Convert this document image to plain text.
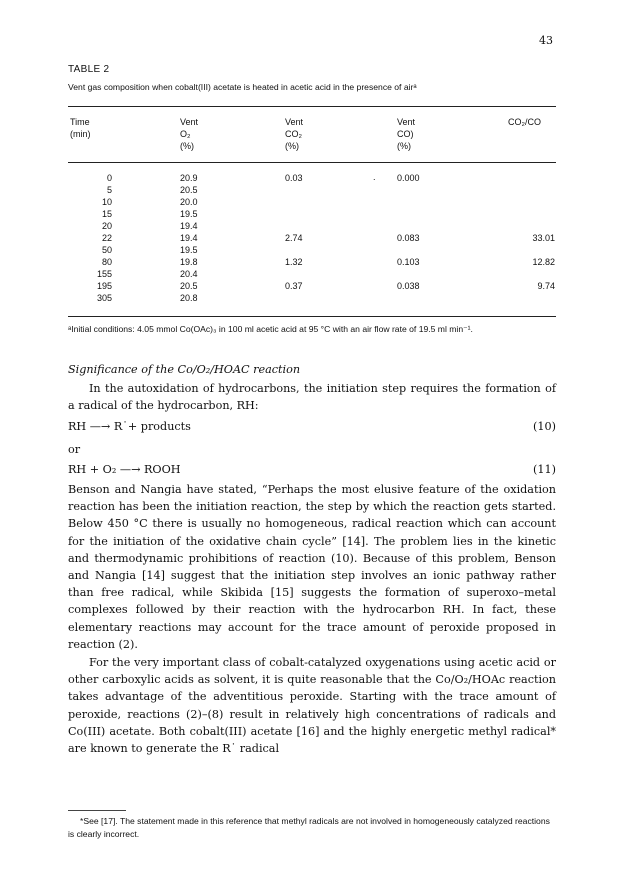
43
TABLE 2
Vent gas composition when cobalt(III) acetate is heated in acetic acid in the presence of airᵃ
Time
(min)
Vent
O₂
(%)
Vent
CO₂
(%)
Vent
CO)
(%)
CO₂/CO
0
5
10
15
20
22
50
80
155
195
305
20.9
20.5
20.0
19.5
19.4
19.4
19.5
19.8
20.4
20.5
20.8
0.03
2.74
1.32
0.37
0.000
0.083
0.103
0.038
33.01
12.82
9.74
.
ᵃInitial conditions: 4.05 mmol Co(OAc)₃ in 100 ml acetic acid at 95 °C with an air flow rate of 19.5 ml min⁻¹.
Significance of the Co/O₂/HOAC reaction
In the autoxidation of hydrocarbons, the initiation step requires the formation of a radical of the hydrocarbon, RH:
RH —→ R˙+ products	(10)
or
RH + O₂ —→ ROOH	(11)
Benson and Nangia have stated, “Perhaps the most elusive feature of the oxidation reaction has been the initiation reaction, the step by which the reaction gets started. Below 450 °C there is usually no homogeneous, radical reaction which can account for the initiation of the oxidative chain cycle” [14]. The problem lies in the kinetic and thermodynamic prohibitions of reaction (10). Because of this problem, Benson and Nangia [14] suggest that the initiation step involves an ionic pathway rather than free radical, while Skibida [15] suggests the formation of superoxo–metal complexes followed by their reaction with the hydrocarbon RH. In fact, these elementary reactions may account for the trace amount of peroxide proposed in reaction (2).
For the very important class of cobalt-catalyzed oxygenations using acetic acid or other carboxylic acids as solvent, it is quite reasonable that the Co/O₂/HOAc reaction takes advantage of the adventitious peroxide. Starting with the trace amount of peroxide, reactions (2)–(8) result in relatively high concentrations of radicals and Co(III) acetate. Both cobalt(III) acetate [16] and the highly energetic methyl radical* are known to generate the R˙ radical
*See [17]. The statement made in this reference that methyl radicals are not involved in homogeneously catalyzed reactions is clearly incorrect.
